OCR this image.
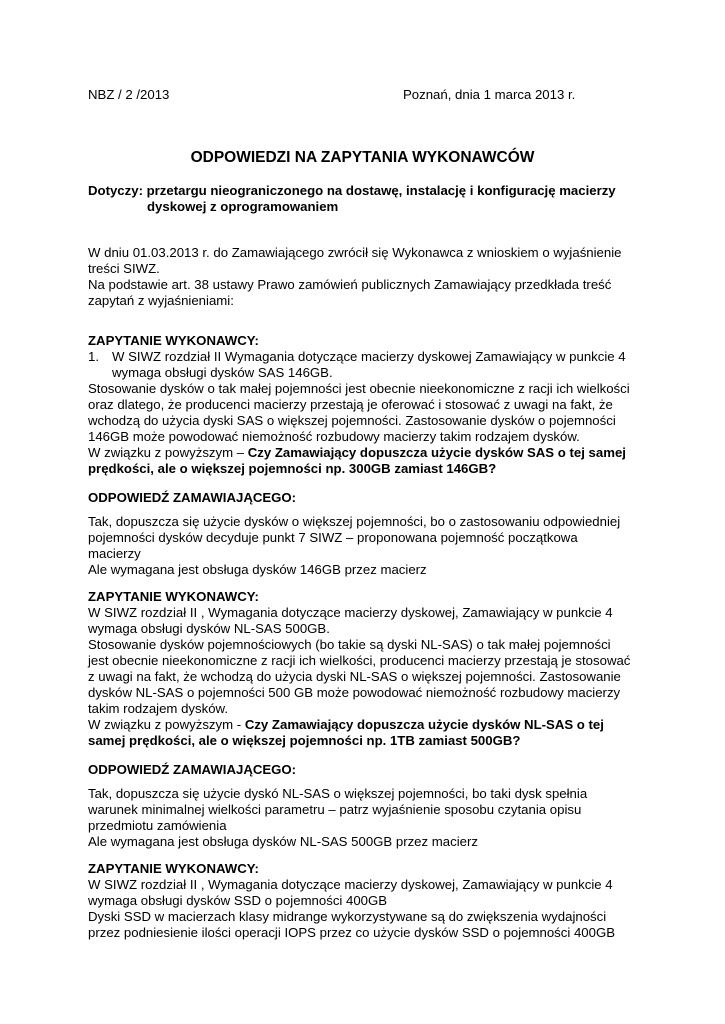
NBZ / 2 /2013	Poznań, dnia 1 marca 2013 r.
ODPOWIEDZI NA ZAPYTANIA WYKONAWCÓW
Dotyczy: przetargu nieograniczonego na dostawę, instalację i konfigurację macierzy
dyskowej z oprogramowaniem
W dniu 01.03.2013 r. do Zamawiającego zwrócił się Wykonawca z wnioskiem o wyjaśnienie
treści SIWZ.
Na podstawie art. 38 ustawy Prawo zamówień publicznych Zamawiający przedkłada treść
zapytań z wyjaśnieniami:
ZAPYTANIE WYKONAWCY:
1. W SIWZ rozdział II Wymagania dotyczące macierzy dyskowej Zamawiający w punkcie 4
wymaga obsługi dysków SAS 146GB.
Stosowanie dysków o tak małej pojemności jest obecnie nieekonomiczne z racji ich wielkości
oraz dlatego, że producenci macierzy przestają je oferować i stosować z uwagi na fakt, że
wchodzą do użycia dyski SAS o większej pojemności. Zastosowanie dysków o pojemności
146GB może powodować niemożność rozbudowy macierzy takim rodzajem dysków.
W związku z powyższym – Czy Zamawiający dopuszcza użycie dysków SAS o tej samej
prędkości, ale o większej pojemności np. 300GB zamiast 146GB?
ODPOWIEDŹ ZAMAWIAJĄCEGO:
Tak, dopuszcza się użycie dysków o większej pojemności, bo o zastosowaniu odpowiedniej
pojemności dysków decyduje punkt 7 SIWZ – proponowana pojemność początkowa
macierzy
Ale wymagana jest obsługa dysków 146GB przez macierz
ZAPYTANIE WYKONAWCY:
W SIWZ rozdział II , Wymagania dotyczące macierzy dyskowej, Zamawiający w punkcie 4
wymaga obsługi dysków NL-SAS 500GB.
Stosowanie dysków pojemnościowych (bo takie są dyski NL-SAS) o tak małej pojemności
jest obecnie nieekonomiczne z racji ich wielkości, producenci macierzy przestają je stosować
z uwagi na fakt, że wchodzą do użycia dyski NL-SAS o większej pojemności. Zastosowanie
dysków NL-SAS o pojemności 500 GB może powodować niemożność rozbudowy macierzy
takim rodzajem dysków.
W związku z powyższym - Czy Zamawiający dopuszcza użycie dysków NL-SAS o tej
samej prędkości, ale o większej pojemności np. 1TB zamiast 500GB?
ODPOWIEDŹ ZAMAWIAJĄCEGO:
Tak, dopuszcza się użycie dyskó NL-SAS o większej pojemności, bo taki dysk spełnia
warunek minimalnej wielkości parametru – patrz wyjaśnienie sposobu czytania opisu
przedmiotu zamówienia
Ale wymagana jest obsługa dysków NL-SAS 500GB przez macierz
ZAPYTANIE WYKONAWCY:
W SIWZ rozdział II , Wymagania dotyczące macierzy dyskowej, Zamawiający w punkcie 4
wymaga obsługi dysków SSD o pojemności 400GB
Dyski SSD w macierzach klasy midrange wykorzystywane są do zwiększenia wydajności
przez podniesienie ilości operacji IOPS przez co użycie dysków SSD o pojemności 400GB
